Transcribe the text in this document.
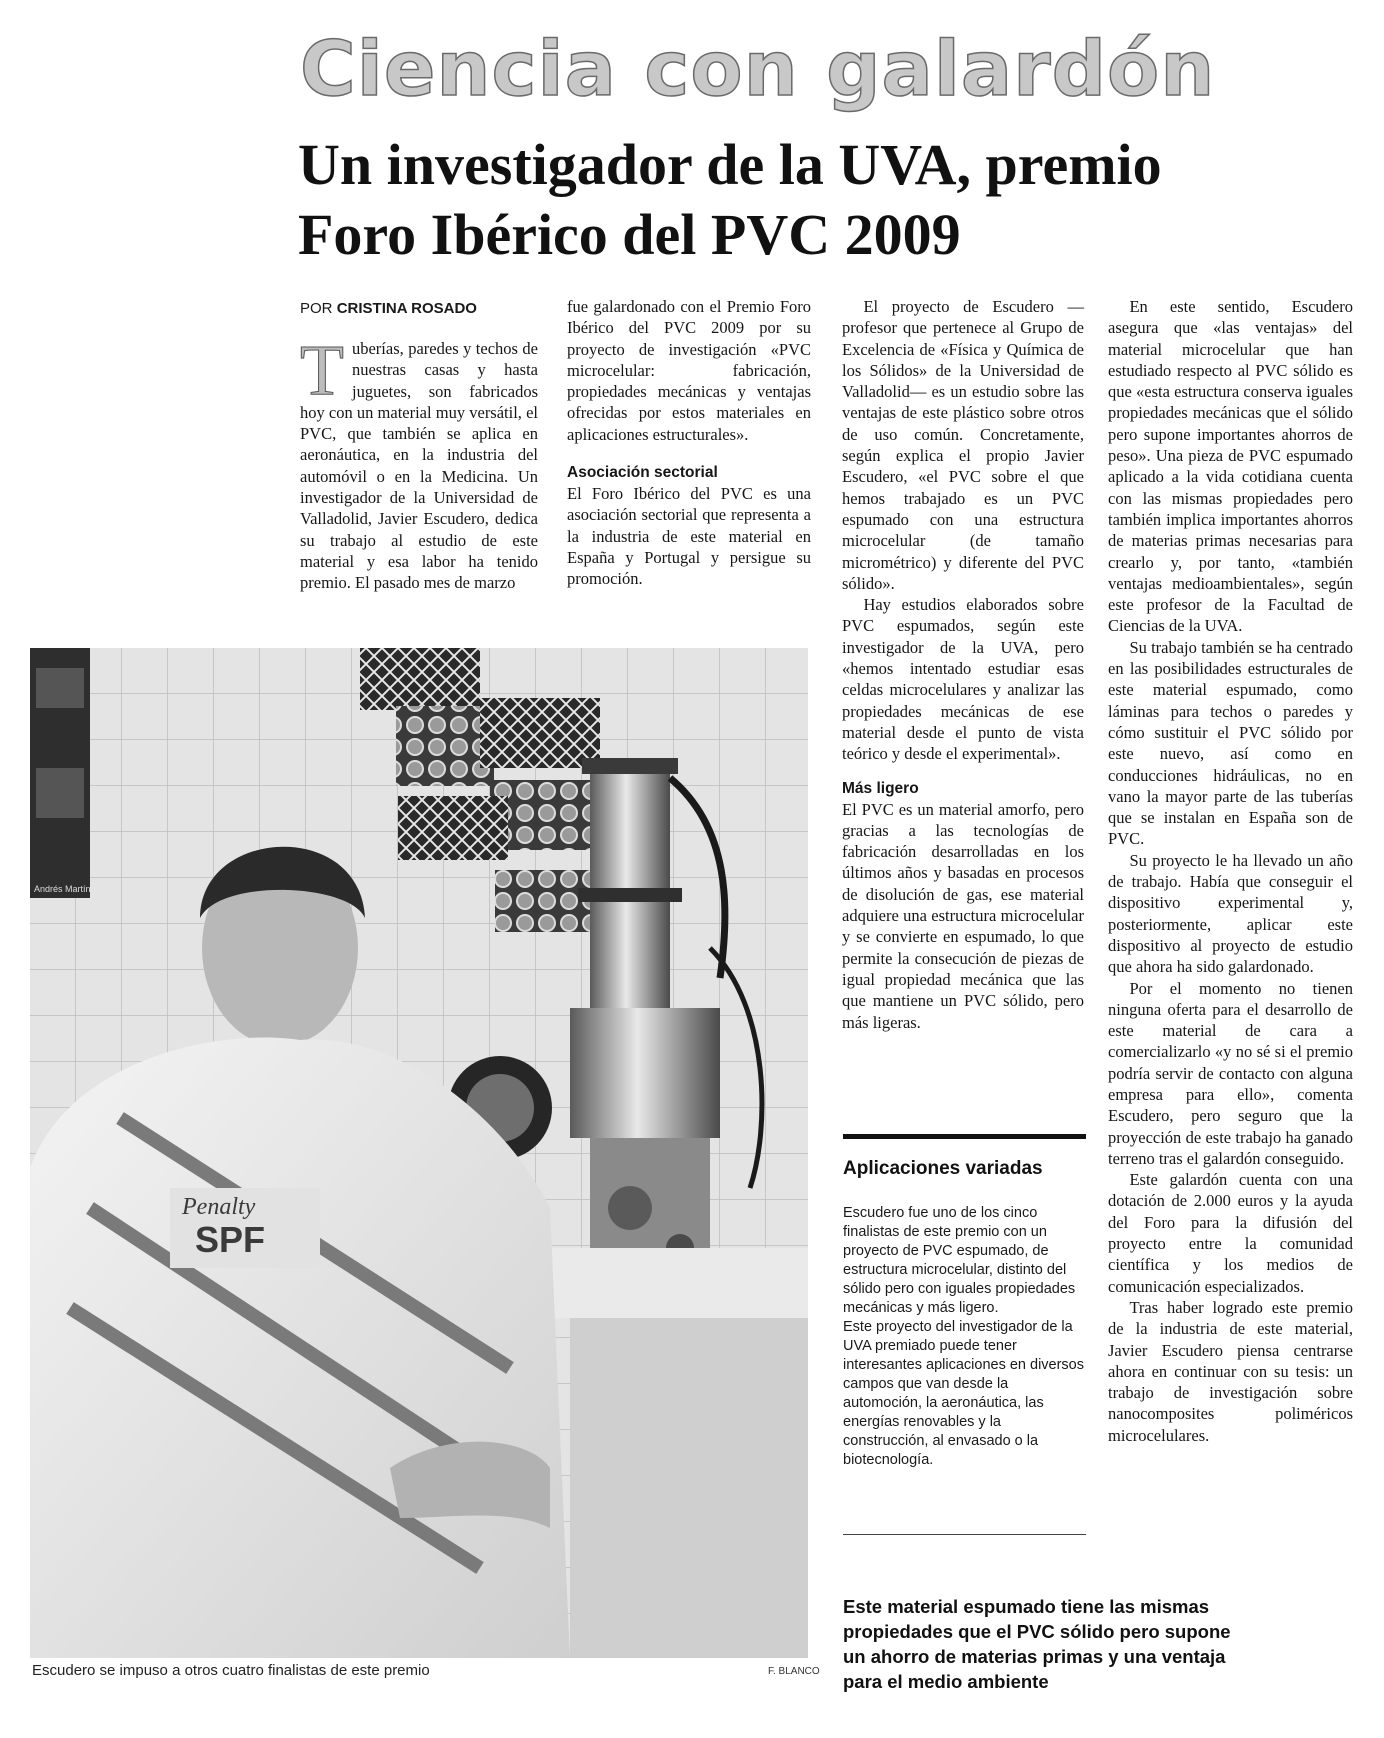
Ciencia con galardón
Un investigador de la UVA, premio
Foro Ibérico del PVC 2009
POR CRISTINA ROSADO
T uberías, paredes y techos de nuestras casas y hasta juguetes, son fabricados hoy con un material muy versátil, el PVC, que también se aplica en aeronáutica, en la industria del automóvil o en la Medicina. Un investigador de la Universidad de Valladolid, Javier Escudero, dedica su trabajo al estudio de este material y esa labor ha tenido premio. El pasado mes de marzo

fue galardonado con el Premio Foro Ibérico del PVC 2009 por su proyecto de investigación «PVC microcelular: fabricación, propiedades mecánicas y ventajas ofrecidas por estos materiales en aplicaciones estructurales».

Asociación sectorial

El Foro Ibérico del PVC es una asociación sectorial que representa a la industria de este material en España y Portugal y persigue su promoción.

El proyecto de Escudero —profesor que pertenece al Grupo de Excelencia de «Física y Química de los Sólidos» de la Universidad de Valladolid— es un estudio sobre las ventajas de este plástico sobre otros de uso común. Concretamente, según explica el propio Javier Escudero, «el PVC sobre el que hemos trabajado es un PVC espumado con una estructura microcelular (de tamaño micrométrico) y diferente del PVC sólido».

Hay estudios elaborados sobre PVC espumados, según este investigador de la UVA, pero «hemos intentado estudiar esas celdas microcelulares y analizar las propiedades mecánicas de ese material desde el punto de vista teórico y desde el experimental».

Más ligero

El PVC es un material amorfo, pero gracias a las tecnologías de fabricación desarrolladas en los últimos años y basadas en procesos de disolución de gas, ese material adquiere una estructura microcelular y se convierte en espumado, lo que permite la consecución de piezas de igual propiedad mecánica que las que mantiene un PVC sólido, pero más ligeras.

En este sentido, Escudero asegura que «las ventajas» del material microcelular que han estudiado respecto al PVC sólido es que «esta estructura conserva iguales propiedades mecánicas que el sólido pero supone importantes ahorros de peso». Una pieza de PVC espumado aplicado a la vida cotidiana cuenta con las mismas propiedades pero también implica importantes ahorros de materias primas necesarias para crearlo y, por tanto, «también ventajas medioambientales», según este profesor de la Facultad de Ciencias de la UVA.

Su trabajo también se ha centrado en las posibilidades estructurales de este material espumado, como láminas para techos o paredes y cómo sustituir el PVC sólido por este nuevo, así como en conducciones hidráulicas, no en vano la mayor parte de las tuberías que se instalan en España son de PVC.

Su proyecto le ha llevado un año de trabajo. Había que conseguir el dispositivo experimental y, posteriormente, aplicar este dispositivo al proyecto de estudio que ahora ha sido galardonado.

Por el momento no tienen ninguna oferta para el desarrollo de este material de cara a comercializarlo «y no sé si el premio podría servir de contacto con alguna empresa para ello», comenta Escudero, pero seguro que la proyección de este trabajo ha ganado terreno tras el galardón conseguido.

Este galardón cuenta con una dotación de 2.000 euros y la ayuda del Foro para la difusión del proyecto entre la comunidad científica y los medios de comunicación especializados.

Tras haber logrado este premio de la industria de este material, Javier Escudero piensa centrarse ahora en continuar con su tesis: un trabajo de investigación sobre nanocomposites poliméricos microcelulares.

Andrés Martín
Penalty
SPF
Escudero se impuso a otros cuatro finalistas de este premio	F. BLANCO
Aplicaciones variadas

Escudero fue uno de los cinco finalistas de este premio con un proyecto de PVC espumado, de estructura microcelular, distinto del sólido pero con iguales propiedades mecánicas y más ligero.

Este proyecto del investigador de la UVA premiado puede tener interesantes aplicaciones en diversos campos que van desde la automoción, la aeronáutica, las energías renovables y la construcción, al envasado o la biotecnología.

Este material espumado tiene las mismas propiedades que el PVC sólido pero supone un ahorro de materias primas y una ventaja para el medio ambiente
